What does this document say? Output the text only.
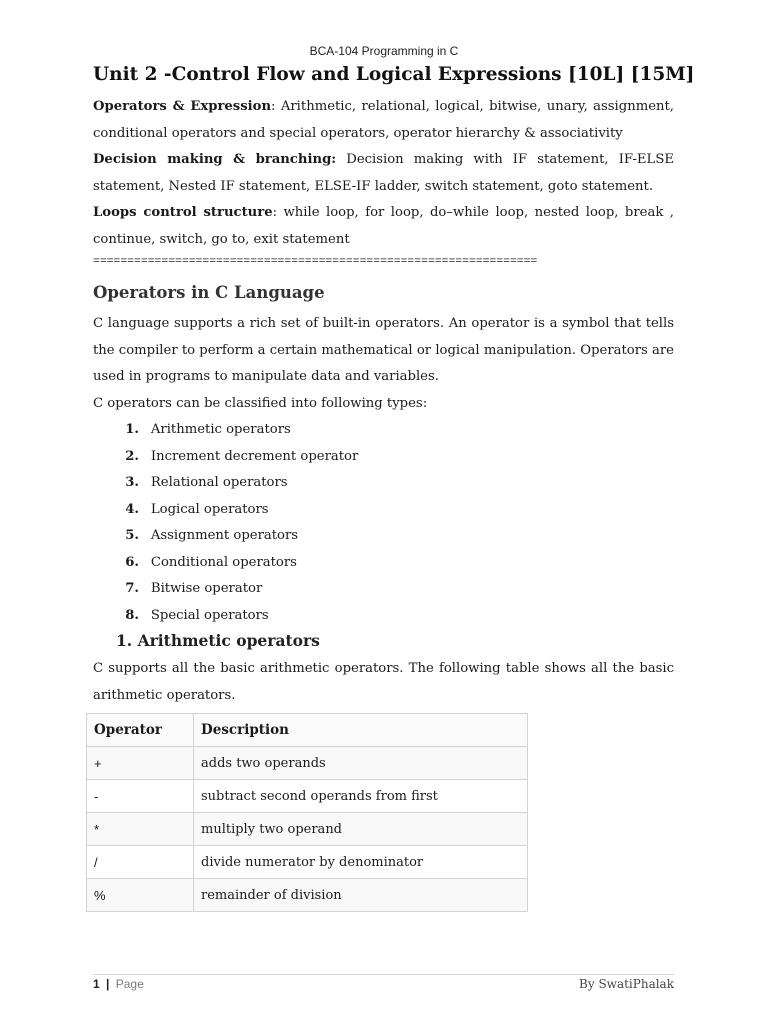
BCA-104 Programming in C
Unit 2 -Control Flow and Logical Expressions [10L] [15M]

Operators & Expression: Arithmetic, relational, logical, bitwise, unary, assignment, conditional operators and special operators, operator hierarchy & associativity

Decision making & branching: Decision making with IF statement, IF-ELSE statement, Nested IF statement, ELSE-IF ladder, switch statement, goto statement.

Loops control structure: while loop, for loop, do–while loop, nested loop, break , continue, switch, go to, exit statement

=================================================================
Operators in C Language

C language supports a rich set of built-in operators. An operator is a symbol that tells the compiler to perform a certain mathematical or logical manipulation. Operators are used in programs to manipulate data and variables.

C operators can be classified into following types:

1. Arithmetic operators
2. Increment decrement operator
3. Relational operators
4. Logical operators
5. Assignment operators
6. Conditional operators
7. Bitwise operator
8. Special operators
1. Arithmetic operators

C supports all the basic arithmetic operators. The following table shows all the basic arithmetic operators.

Operator	Description
+	adds two operands
-	subtract second operands from first
*	multiply two operand
/	divide numerator by denominator
%	remainder of division
1 | Page	By SwatiPhalak
